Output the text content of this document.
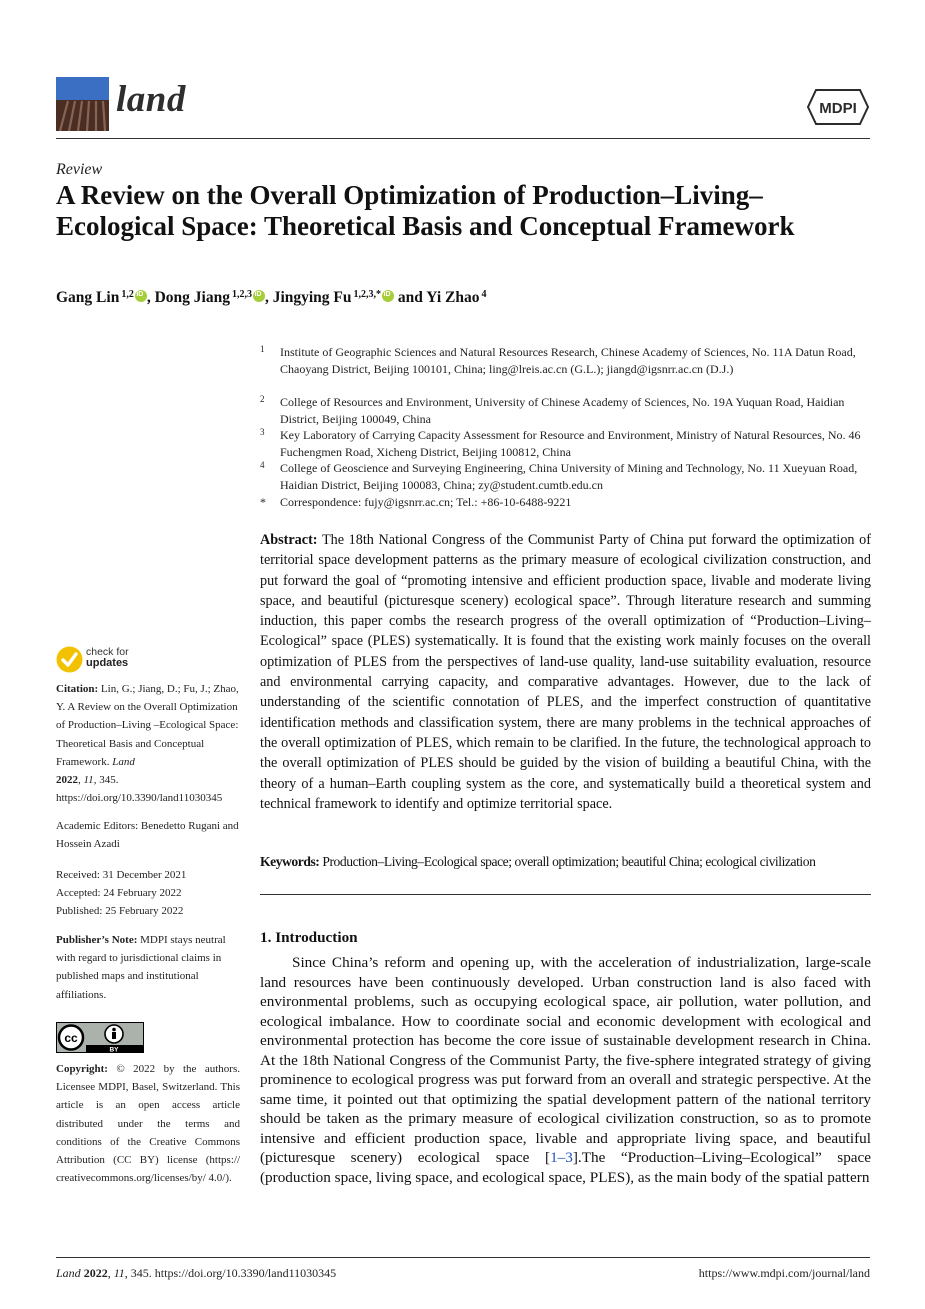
land	MDPI
Review
A Review on the Overall Optimization of Production–Living–Ecological Space: Theoretical Basis and Conceptual Framework
Gang Lin $^{1,2}$ iD , Dong Jiang $^{1,2,3}$ iD , Jingying Fu $^{1,2,3,*}$iD and Yi Zhao $^4$
1 Institute of Geographic Sciences and Natural Resources Research, Chinese Academy of Sciences, No. 11A Datun Road, Chaoyang District, Beijing 100101, China; ling@lreis.ac.cn (G.L.); jiangd@igsnrr.ac.cn (D.J.)
2 College of Resources and Environment, University of Chinese Academy of Sciences, No. 19A Yuquan Road, Haidian District, Beijing 100049, China
3 Key Laboratory of Carrying Capacity Assessment for Resource and Environment, Ministry of Natural Resources, No. 46 Fuchengmen Road, Xicheng District, Beijing 100812, China
4 College of Geoscience and Surveying Engineering, China University of Mining and Technology, No. 11 Xueyuan Road, Haidian District, Beijing 100083, China; zy@student.cumtb.edu.cn
* Correspondence: fujy@igsnrr.ac.cn; Tel.: +86-10-6488-9221
Abstract: The 18th National Congress of the Communist Party of China put forward the optimization of territorial space development patterns as the primary measure of ecological civilization construction, and put forward the goal of “promoting intensive and efficient production space, livable and moderate living space, and beautiful (picturesque scenery) ecological space”. Through literature research and summing induction, this paper combs the research progress of the overall optimization of “Production–Living–Ecological” space (PLES) systematically. It is found that the existing work mainly focuses on the overall optimization of PLES from the perspectives of land-use quality, land-use suitability evaluation, resource and environmental carrying capacity, and comparative advantages. However, due to the lack of understanding of the scientific connotation of PLES, and the imperfect construction of quantitative identification methods and classification system, there are many problems in the technical approaches of the overall optimization of PLES, which remain to be clarified. In the future, the technological approach to the overall optimization of PLES should be guided by the vision of building a beautiful China, with the theory of a human–Earth coupling system as the core, and systematically build a theoretical system and technical framework to identify and optimize territorial space.
Keywords: Production–Living–Ecological space; overall optimization; beautiful China; ecological civilization
1. Introduction
Since China’s reform and opening up, with the acceleration of industrialization, large-scale land resources have been continuously developed. Urban construction land is also faced with environmental problems, such as occupying ecological space, air pollution, water pollution, and ecological imbalance. How to coordinate social and economic development with ecological and environmental protection has become the core issue of sustainable development research in China. At the 18th National Congress of the Communist Party, the five-sphere integrated strategy of giving prominence to ecological progress was put forward from an overall and strategic perspective. At the same time, it pointed out that optimizing the spatial development pattern of the national territory should be taken as the primary measure of ecological civilization construction, so as to promote intensive and efficient production space, livable and appropriate living space, and beautiful (picturesque scenery) ecological space [1–3].The “Production–Living–Ecological” space (production space, living space, and ecological space, PLES), as the main body of the spatial pattern
check for
updates
Citation: Lin, G.; Jiang, D.; Fu, J.; Zhao, Y. A Review on the Overall Optimization of Production–Living –Ecological Space: Theoretical Basis and Conceptual Framework. Land
2022, 11, 345. https://doi.org/10.3390/land11030345
Academic Editors: Benedetto Rugani and Hossein Azadi
Received: 31 December 2021
Accepted: 24 February 2022
Published: 25 February 2022
Publisher’s Note: MDPI stays neutral with regard to jurisdictional claims in published maps and institutional affiliations.
cc
BY
Copyright: © 2022 by the authors. Licensee MDPI, Basel, Switzerland. This article is an open access article distributed under the terms and conditions of the Creative Commons Attribution (CC BY) license (https:// creativecommons.org/licenses/by/ 4.0/).
Land 2022, 11, 345. https://doi.org/10.3390/land11030345	https://www.mdpi.com/journal/land
